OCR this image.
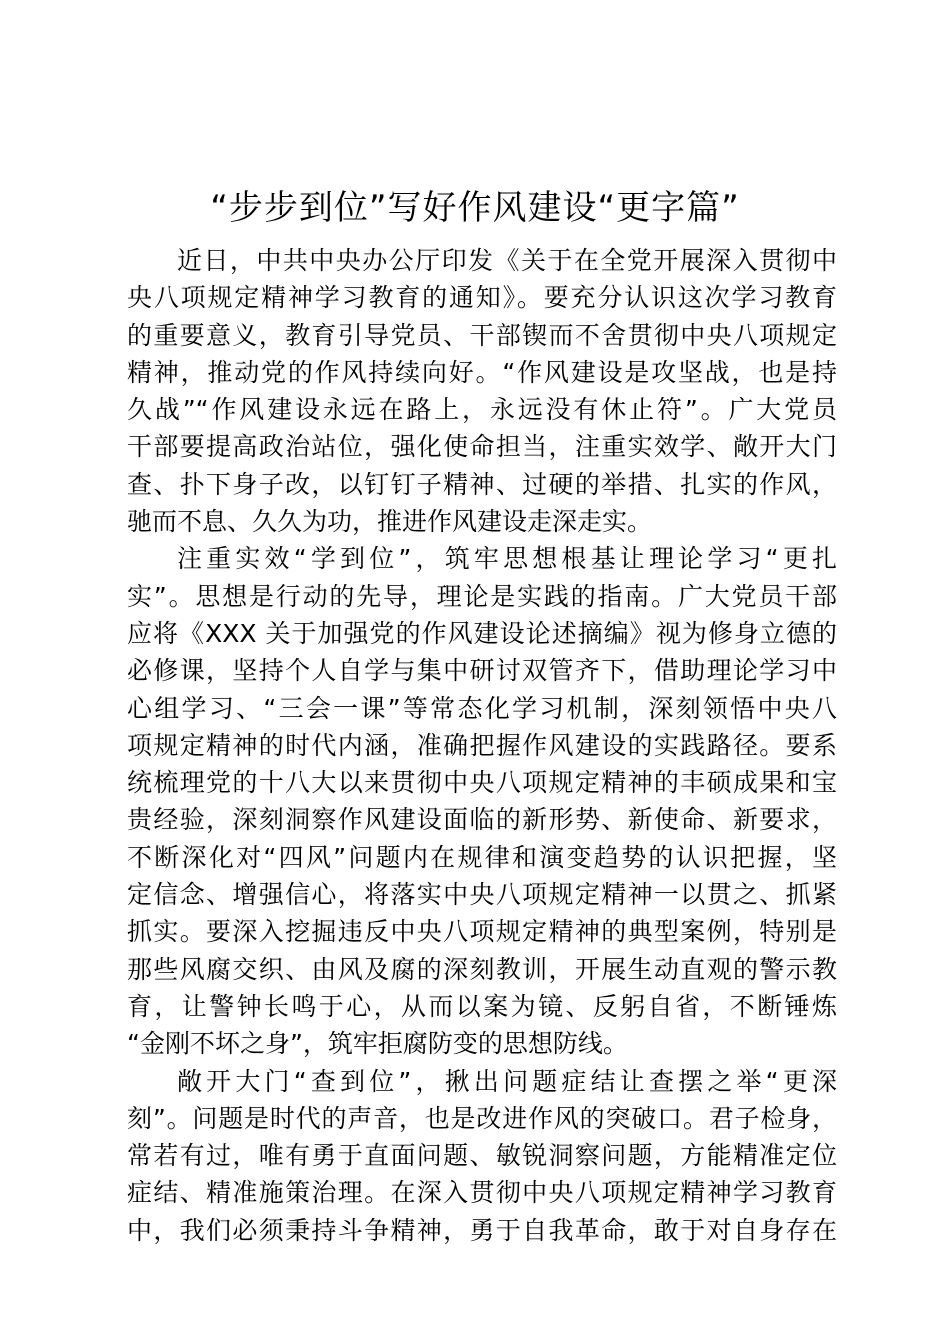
“步步到位”写好作风建设“更字篇”
近日，中共中央办公厅印发《关于在全党开展深入贯彻中
央八项规定精神学习教育的通知》。要充分认识这次学习教育
的重要意义，教育引导党员、干部锲而不舍贯彻中央八项规定
精神，推动党的作风持续向好。“作风建设是攻坚战，也是持
久战”“作风建设永远在路上，永远没有休止符”。广大党员
干部要提高政治站位，强化使命担当，注重实效学、敞开大门
查、扑下身子改，以钉钉子精神、过硬的举措、扎实的作风，
驰而不息、久久为功，推进作风建设走深走实。
注重实效“学到位”，筑牢思想根基让理论学习“更扎
实”。思想是行动的先导，理论是实践的指南。广大党员干部
应将《XXX 关于加强党的作风建设论述摘编》视为修身立德的
必修课，坚持个人自学与集中研讨双管齐下，借助理论学习中
心组学习、“三会一课”等常态化学习机制，深刻领悟中央八
项规定精神的时代内涵，准确把握作风建设的实践路径。要系
统梳理党的十八大以来贯彻中央八项规定精神的丰硕成果和宝
贵经验，深刻洞察作风建设面临的新形势、新使命、新要求，
不断深化对“四风”问题内在规律和演变趋势的认识把握，坚
定信念、增强信心，将落实中央八项规定精神一以贯之、抓紧
抓实。要深入挖掘违反中央八项规定精神的典型案例，特别是
那些风腐交织、由风及腐的深刻教训，开展生动直观的警示教
育，让警钟长鸣于心，从而以案为镜、反躬自省，不断锤炼
“金刚不坏之身”，筑牢拒腐防变的思想防线。
敞开大门“查到位”，揪出问题症结让查摆之举“更深
刻”。问题是时代的声音，也是改进作风的突破口。君子检身，
常若有过，唯有勇于直面问题、敏锐洞察问题，方能精准定位
症结、精准施策治理。在深入贯彻中央八项规定精神学习教育
中，我们必须秉持斗争精神，勇于自我革命，敢于对自身存在
